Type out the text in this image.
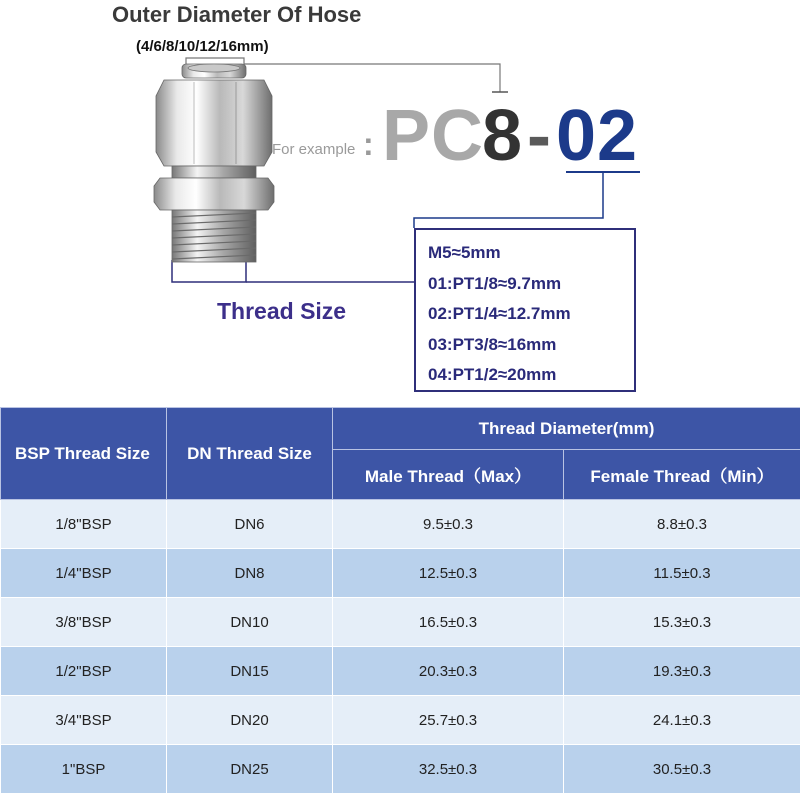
Outer Diameter Of Hose
(4/6/8/10/12/16mm)
For example : PC
8 - 02
M5≈5mm
01:PT1/8≈9.7mm
02:PT1/4≈12.7mm
03:PT3/8≈16mm
04:PT1/2≈20mm
Thread Size
BSP Thread Size	DN Thread Size	Thread Diameter(mm)	
		Male Thread（Max）	Female Thread（Min）
1/8"BSP	DN6	9.5±0.3	8.8±0.3
1/4"BSP	DN8	12.5±0.3	11.5±0.3
3/8"BSP	DN10	16.5±0.3	15.3±0.3
1/2"BSP	DN15	20.3±0.3	19.3±0.3
3/4"BSP	DN20	25.7±0.3	24.1±0.3
1"BSP	DN25	32.5±0.3	30.5±0.3
